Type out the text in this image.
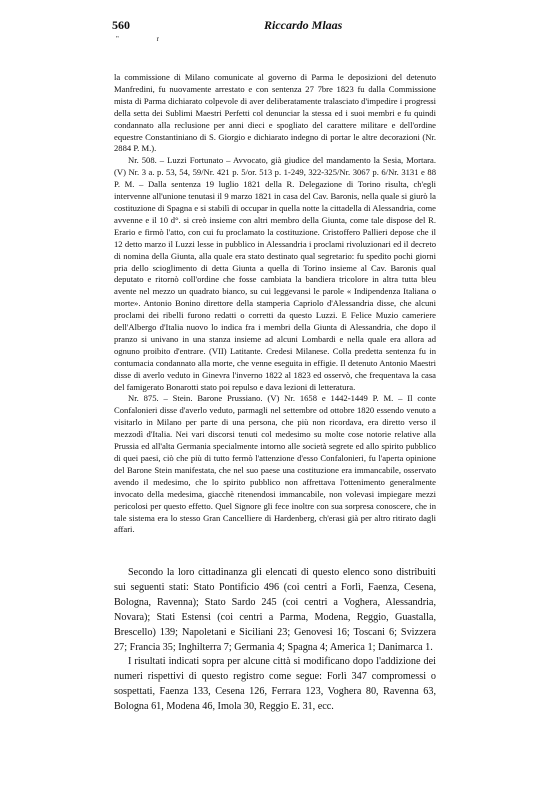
560	Riccardo Mlaas
" r

la commissione di Milano comunicate al governo di Parma le deposizioni del detenuto Manfredini, fu nuovamente arrestato e con sentenza 27 7bre 1823 fu dalla Commissione mista di Parma dichiarato colpevole di aver deliberatamente tralasciato d'impedire i progressi della setta dei Sublimi Maestri Perfetti col denunciar la stessa ed i suoi membri e fu quindi condannato alla reclusione per anni dieci e spogliato del carattere militare e dell'ordine equestre Constantiniano di S. Giorgio e dichiarato indegno di portar le altre decorazioni (Nr. 2884 P. M.).

Nr. 508. – Luzzi Fortunato – Avvocato, già giudice del mandamento la Sesia, Mortara. (V) Nr. 3 a. p. 53, 54, 59/Nr. 421 p. 5/or. 513 p. 1-249, 322-325/Nr. 3067 p. 6/Nr. 3131 e 88 P. M. – Dalla sentenza 19 luglio 1821 della R. Delegazione di Torino risulta, ch'egli intervenne all'unione tenutasi il 9 marzo 1821 in casa del Cav. Baronis, nella quale si giurò la costituzione di Spagna e si stabilì di occupar in quella notte la cittadella di Alessandria, come avvenne e il 10 d°. si creò insieme con altri membro della Giunta, come tale dispose del R. Erario e firmò l'atto, con cui fu proclamato la costituzione. Cristoffero Pallieri depose che il 12 detto marzo il Luzzi lesse in pubblico in Alessandria i proclami rivoluzionari ed il decreto di nomina della Giunta, alla quale era stato destinato qual segretario: fu spedito pochi giorni pria dello scioglimento di detta Giunta a quella di Torino insieme al Cav. Baronis qual deputato e ritornò coll'ordine che fosse cambiata la bandiera tricolore in altra tutta bleu avente nel mezzo un quadrato bianco, su cui leggevansi le parole « Indipendenza Italiana o morte». Antonio Bonino direttore della stamperia Capriolo d'Alessandria disse, che alcuni proclami dei ribelli furono redatti o corretti da questo Luzzi. E Felice Muzio cameriere dell'Albergo d'Italia nuovo lo indica fra i membri della Giunta di Alessandria, che dopo il pranzo si univano in una stanza insieme ad alcuni Lombardi e nella quale era allora ad ognuno proibito d'entrare. (VII) Latitante. Credesi Milanese. Colla predetta sentenza fu in contumacia condannato alla morte, che venne eseguita in effigie. Il detenuto Antonio Maestri disse di averlo veduto in Ginevra l'inverno 1822 al 1823 ed osservò, che frequentava la casa del famigerato Bonarotti stato poi repulso e dava lezioni di letteratura.

Nr. 875. – Stein. Barone Prussiano. (V) Nr. 1658 e 1442-1449 P. M. – Il conte Confalonieri disse d'averlo veduto, parmagli nel settembre od ottobre 1820 essendo venuto a visitarlo in Milano per parte di una persona, che più non ricordava, era diretto verso il mezzodì d'Italia. Nei vari discorsi tenuti col medesimo su molte cose notorie relative alla Prussia ed all'alta Germania specialmente intorno alle società segrete ed allo spirito pubblico di quei paesi, ciò che più di tutto fermò l'attenzione d'esso Confalonieri, fu l'aperta opinione del Barone Stein manifestata, che nel suo paese una costituzione era immancabile, osservato avendo il medesimo, che lo spirito pubblico non affrettava l'ottenimento generalmente invocato della medesima, giacchè ritenendosi immancabile, non volevasi impiegare mezzi pericolosi per questo effetto. Quel Signore gli fece inoltre con sua sorpresa conoscere, che in tale sistema era lo stesso Gran Cancelliere di Hardenberg, ch'erasi già per altro ritirato dagli affari.

Secondo la loro cittadinanza gli elencati di questo elenco sono distribuiti sui seguenti stati: Stato Pontificio 496 (coi centri a Forlì, Faenza, Cesena, Bologna, Ravenna); Stato Sardo 245 (coi centri a Voghera, Alessandria, Novara); Stati Estensi (coi centri a Parma, Modena, Reggio, Guastalla, Brescello) 139; Napoletani e Siciliani 23; Genovesi 16; Toscani 6; Svizzera 27; Francia 35; Inghilterra 7; Germania 4; Spagna 4; America 1; Danimarca 1.

I risultati indicati sopra per alcune città si modificano dopo l'addizione dei numeri rispettivi di questo registro come segue: Forlì 347 compromessi o sospettati, Faenza 133, Cesena 126, Ferrara 123, Voghera 80, Ravenna 63, Bologna 61, Modena 46, Imola 30, Reggio E. 31, ecc.
